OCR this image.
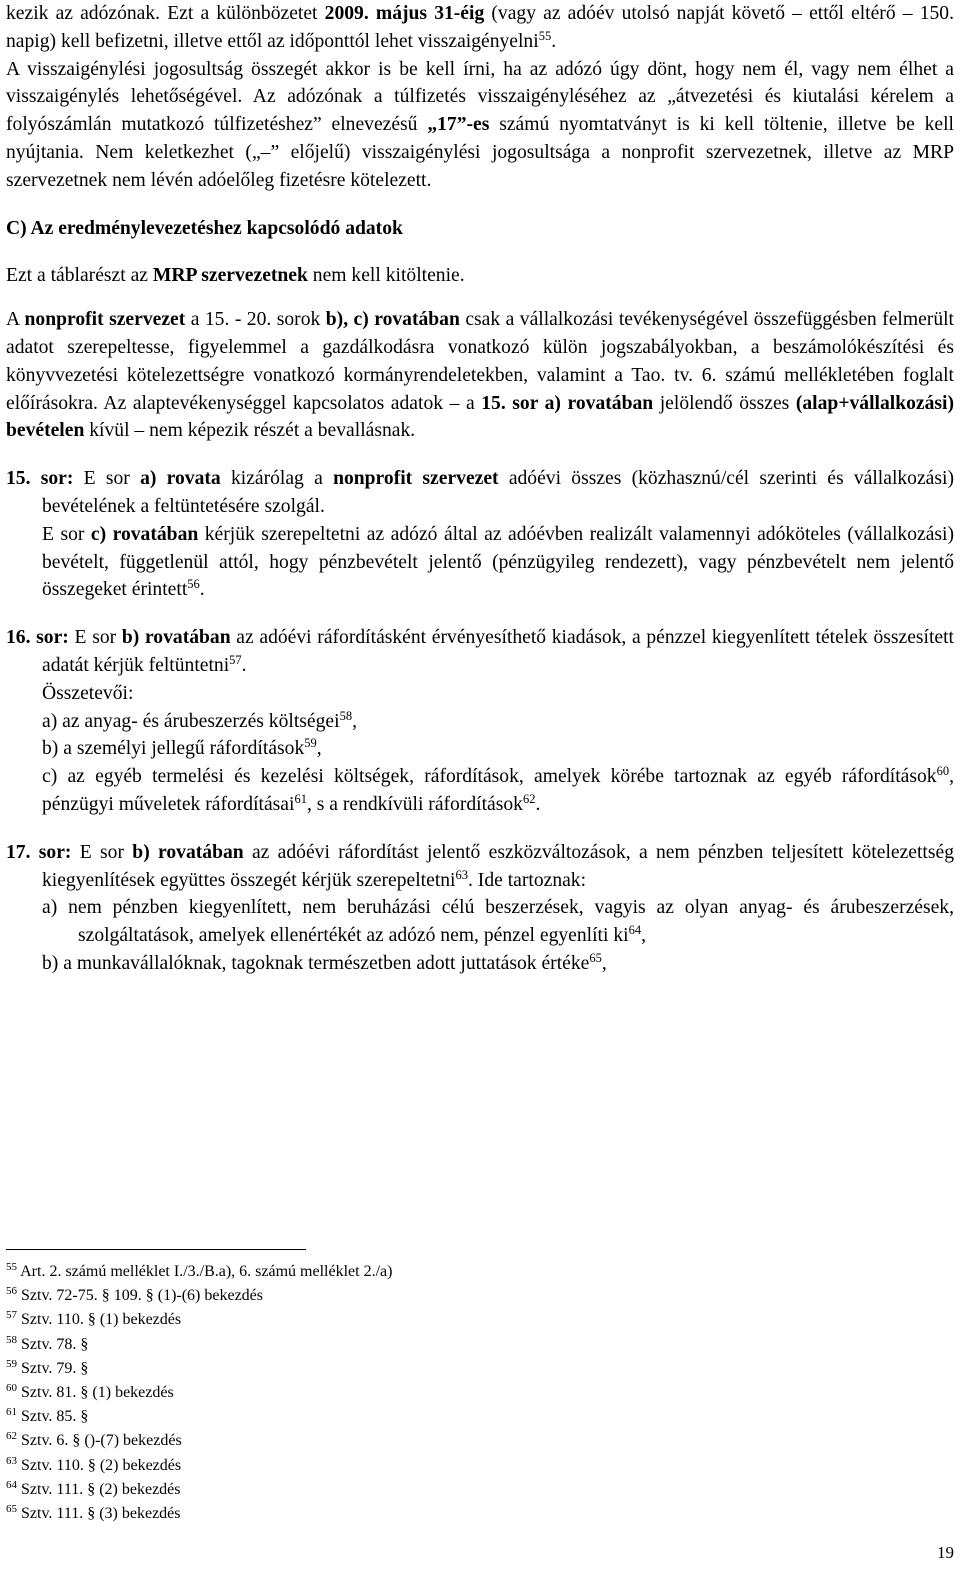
kezik az adózónak. Ezt a különbözetet 2009. május 31-éig (vagy az adóév utolsó napját követő – ettől eltérő – 150. napig) kell befizetni, illetve ettől az időponttól lehet visszaigényelni$^{55}$.

A visszaigénylési jogosultság összegét akkor is be kell írni, ha az adózó úgy dönt, hogy nem él, vagy nem élhet a visszaigénylés lehetőségével. Az adózónak a túlfizetés visszaigényléséhez az „átvezetési és kiutalási kérelem a folyószámlán mutatkozó túlfizetéshez” elnevezésű „17”-es számú nyomtatványt is ki kell töltenie, illetve be kell nyújtania. Nem keletkezhet („–” előjelű) visszaigénylési jogosultsága a nonprofit szervezetnek, illetve az MRP szervezetnek nem lévén adóelőleg fizetésre kötelezett.

C) Az eredménylevezetéshez kapcsolódó adatok

Ezt a táblarészt az MRP szervezetnek nem kell kitöltenie.

A nonprofit szervezet a 15. - 20. sorok b), c) rovatában csak a vállalkozási tevékenységével összefüggésben felmerült adatot szerepeltesse, figyelemmel a gazdálkodásra vonatkozó külön jogszabályokban, a beszámolókészítési és könyvvezetési kötelezettségre vonatkozó kormányrendeletekben, valamint a Tao. tv. 6. számú mellékletében foglalt előírásokra. Az alaptevékenységgel kapcsolatos adatok – a 15. sor a) rovatában jelölendő összes (alap+vállalkozási) bevételen kívül – nem képezik részét a bevallásnak.

15. sor: E sor a) rovata kizárólag a nonprofit szervezet adóévi összes (közhasznú/cél szerinti és vállalkozási) bevételének a feltüntetésére szolgál.

E sor c) rovatában kérjük szerepeltetni az adózó által az adóévben realizált valamennyi adóköteles (vállalkozási) bevételt, függetlenül attól, hogy pénzbevételt jelentő (pénzügyileg rendezett), vagy pénzbevételt nem jelentő összegeket érintett$^{56}$.

16. sor: E sor b) rovatában az adóévi ráfordításként érvényesíthető kiadások, a pénzzel kiegyenlített tételek összesített adatát kérjük feltüntetni$^{57}$.

Összetevői:

a) az anyag- és árubeszerzés költségei$^{58}$,

b) a személyi jellegű ráfordítások$^{59}$,

c) az egyéb termelési és kezelési költségek, ráfordítások, amelyek körébe tartoznak az egyéb ráfordítások$^{60}$, pénzügyi műveletek ráfordításai$^{61}$, s a rendkívüli ráfordítások$^{62}$.

17. sor: E sor b) rovatában az adóévi ráfordítást jelentő eszközváltozások, a nem pénzben teljesített kötelezettség kiegyenlítések együttes összegét kérjük szerepeltetni$^{63}$. Ide tartoznak:

a) nem pénzben kiegyenlített, nem beruházási célú beszerzések, vagyis az olyan anyag- és árubeszerzések, szolgáltatások, amelyek ellenértékét az adózó nem, pénzel egyenlíti $ki^{64}$,

b) a munkavállalóknak, tagoknak természetben adott juttatások értéke$^{65}$,

$^{55}$ Art. 2. számú melléklet I./3./B.a), 6. számú melléklet 2./a)

$^{56}$ Sztv. 72-75. § 109. § (1)-(6) bekezdés

$^{57}$ Sztv. 110. § (1) bekezdés

$^{58}$ Sztv. 78. §

$^{59}$ Sztv. 79. §

$^{60}$ Sztv. 81. § (1) bekezdés

$^{61}$ Sztv. 85. §

$^{62}$ Sztv. 6. § ()-(7) bekezdés

$^{63}$ Sztv. 110. § (2) bekezdés

$^{64}$ Sztv. 111. § (2) bekezdés

$^{65}$ Sztv. 111. § (3) bekezdés

19
